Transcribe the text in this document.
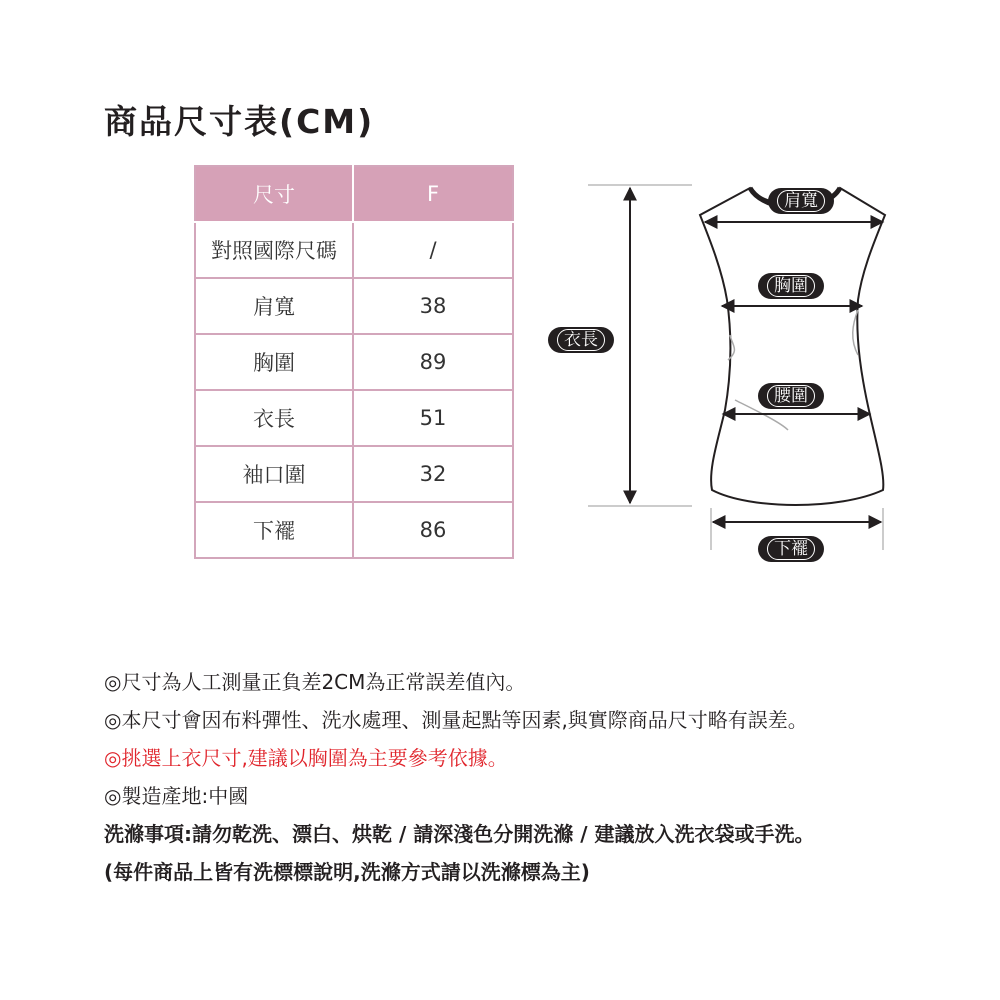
商品尺寸表(CM)
尺寸	F
對照國際尺碼	/
肩寬	38
胸圍	89
衣長	51
袖口圍	32
下襬	86
肩寬
胸圍
衣長
腰圍
下襬
◎尺寸為人工測量正負差2CM為正常誤差值內。
◎本尺寸會因布料彈性、洗水處理、測量起點等因素,與實際商品尺寸略有誤差。
◎挑選上衣尺寸,建議以胸圍為主要參考依據。
◎製造產地:中國
洗滌事項:請勿乾洗、漂白、烘乾 / 請深淺色分開洗滌 / 建議放入洗衣袋或手洗。
(每件商品上皆有洗標標說明,洗滌方式請以洗滌標為主)
